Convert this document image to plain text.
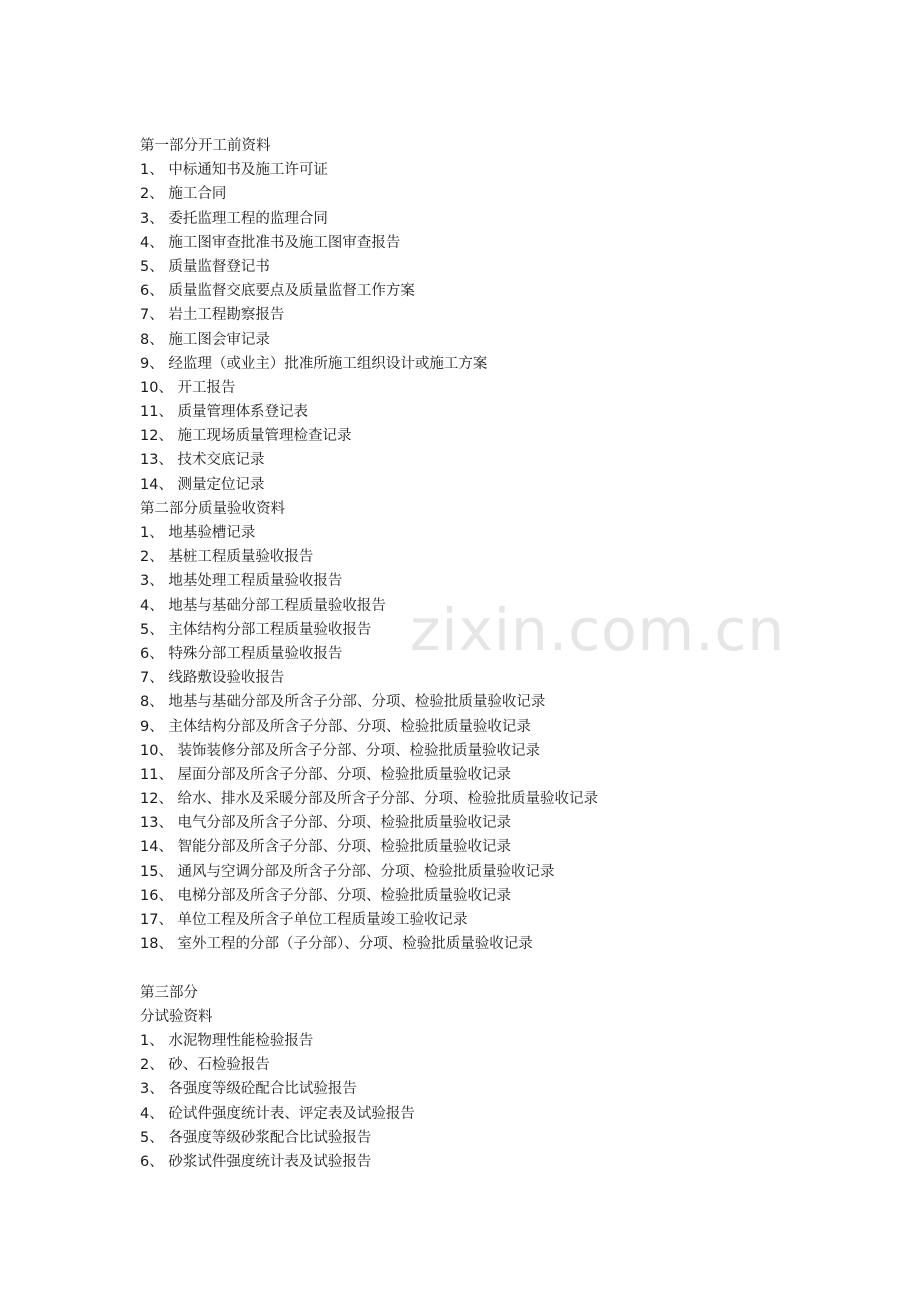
zixin.com.cn
第一部分开工前资料
1、 中标通知书及施工许可证
2、 施工合同
3、 委托监理工程的监理合同
4、 施工图审查批准书及施工图审查报告
5、 质量监督登记书
6、 质量监督交底要点及质量监督工作方案
7、 岩土工程勘察报告
8、 施工图会审记录
9、 经监理（或业主）批准所施工组织设计或施工方案
10、 开工报告
11、 质量管理体系登记表
12、 施工现场质量管理检查记录
13、 技术交底记录
14、 测量定位记录
第二部分质量验收资料
1、 地基验槽记录
2、 基桩工程质量验收报告
3、 地基处理工程质量验收报告
4、 地基与基础分部工程质量验收报告
5、 主体结构分部工程质量验收报告
6、 特殊分部工程质量验收报告
7、 线路敷设验收报告
8、 地基与基础分部及所含子分部、分项、检验批质量验收记录
9、 主体结构分部及所含子分部、分项、检验批质量验收记录
10、 装饰装修分部及所含子分部、分项、检验批质量验收记录
11、 屋面分部及所含子分部、分项、检验批质量验收记录
12、 给水、排水及采暖分部及所含子分部、分项、检验批质量验收记录
13、 电气分部及所含子分部、分项、检验批质量验收记录
14、 智能分部及所含子分部、分项、检验批质量验收记录
15、 通风与空调分部及所含子分部、分项、检验批质量验收记录
16、 电梯分部及所含子分部、分项、检验批质量验收记录
17、 单位工程及所含子单位工程质量竣工验收记录
18、 室外工程的分部（子分部）、分项、检验批质量验收记录
第三部分
分试验资料
1、 水泥物理性能检验报告
2、 砂、石检验报告
3、 各强度等级砼配合比试验报告
4、 砼试件强度统计表、评定表及试验报告
5、 各强度等级砂浆配合比试验报告
6、 砂浆试件强度统计表及试验报告
